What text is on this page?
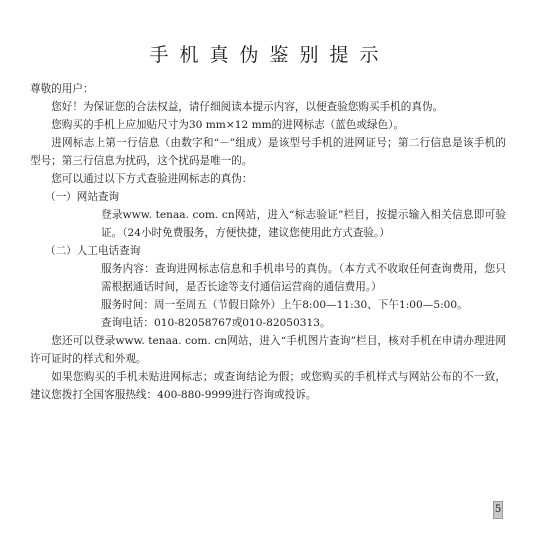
手机真伪鉴别提示

尊敬的用户：

您好！为保证您的合法权益，请仔细阅读本提示内容，以便查验您购买手机的真伪。

您购买的手机上应加贴尺寸为30 mm×12 mm的进网标志（蓝色或绿色）。

进网标志上第一行信息（由数字和“－”组成）是该型号手机的进网证号；第二行信息是该手机的型号；第三行信息为扰码，这个扰码是唯一的。

您可以通过以下方式查验进网标志的真伪：

（一）网站查询

登录www. tenaa. com. cn网站，进入“标志验证”栏目，按提示输入相关信息即可验证。（24小时免费服务，方便快捷，建议您使用此方式查验。）

（二）人工电话查询

服务内容：查询进网标志信息和手机串号的真伪。（本方式不收取任何查询费用，您只需根据通话时间，是否长途等支付通信运营商的通信费用。）

服务时间：周一至周五（节假日除外）上午8:00—11:30、下午1:00—5:00。

查询电话：010-82058767或010-82050313。

您还可以登录www. tenaa. com. cn网站，进入“手机图片查询”栏目，核对手机在申请办理进网许可证时的样式和外观。

如果您购买的手机未贴进网标志；或查询结论为假；或您购买的手机样式与网站公布的不一致，建议您拨打全国客服热线：400-880-9999进行咨询或投诉。

5
